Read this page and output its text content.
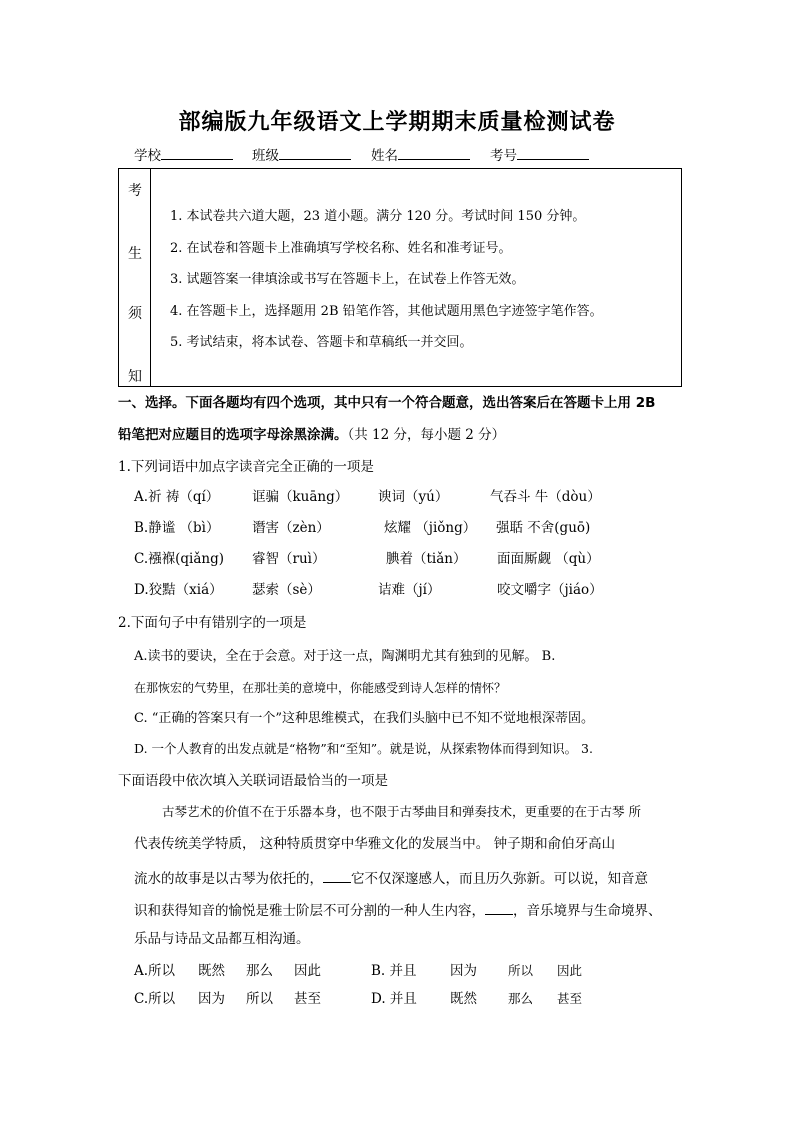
部编版九年级语文上学期期末质量检测试卷
学校	班级	姓名	考号
考
生
须
知
1. 本试卷共六道大题，23 道小题。满分 120 分。考试时间 150 分钟。
2. 在试卷和答题卡上准确填写学校名称、姓名和准考证号。
3. 试题答案一律填涂或书写在答题卡上，在试卷上作答无效。
4. 在答题卡上，选择题用 2B 铅笔作答，其他试题用黑色字迹签字笔作答。
5. 考试结束，将本试卷、答题卡和草稿纸一并交回。
一、选择。下面各题均有四个选项，其中只有一个符合题意，选出答案后在答题卡上用 2B
铅笔把对应题目的选项字母涂黑涂满。（共 12 分，每小题 2 分）
1.下列词语中加点字读音完全正确的一项是
A.祈 祷（qí） 诓骗（kuāng） 谀词（yú）	气吞斗 牛（dòu）
B.静谧 （bì） 谮害（zèn）	炫耀 （jiǒng） 强聒 不舍(guō)
C.襁褓(qiǎng) 睿智（ruì）	腆着（tiǎn） 面面厮觑 （qù）
D.狡黠（xiá） 瑟索（sè）	诘难（jí）	咬文嚼字（jiáo）
2.下面句子中有错别字的一项是
A.读书的要诀，全在于会意。对于这一点，陶渊明尤其有独到的见解。 B.
在那恢宏的气势里，在那壮美的意境中，你能感受到诗人怎样的情怀？
C. “正确的答案只有一个”这种思维模式，在我们头脑中已不知不觉地根深蒂固。
D. 一个人教育的出发点就是“格物”和“至知”。就是说，从探索物体而得到知识。 3.
下面语段中依次填入关联词语最恰当的一项是
古琴艺术的价值不在于乐器本身，也不限于古琴曲目和弹奏技术，更重要的在于古琴 所
代表传统美学特质， 这种特质贯穿中华雅文化的发展当中。 钟子期和俞伯牙高山
流水的故事是以古琴为依托的， 它不仅深邃感人，而且历久弥新。可以说，知音意
识和获得知音的愉悦是雅士阶层不可分割的一种人生内容， ，音乐境界与生命境界、
乐品与诗品文品都互相沟通。
A.所以 既然 那么 因此	B. 并且 因为 所以 因此
C.所以 因为 所以 甚至	D. 并且 既然 那么 甚至
